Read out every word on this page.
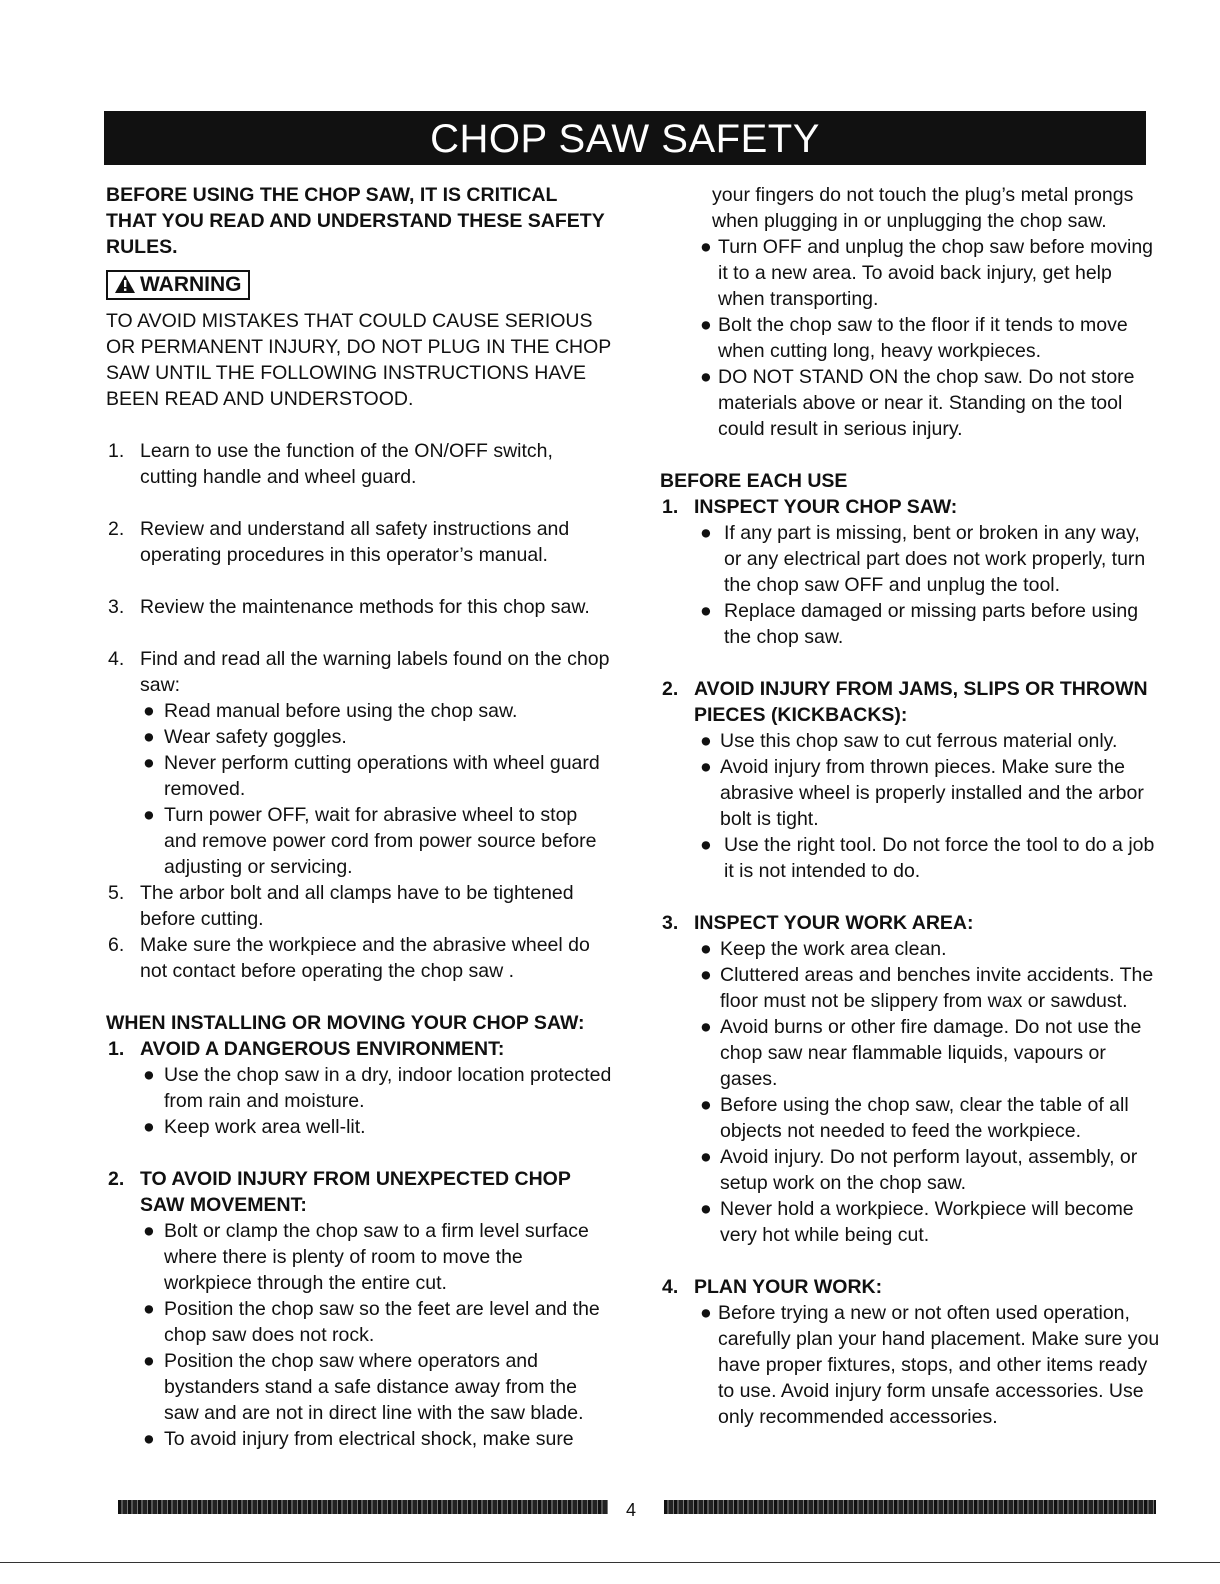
CHOP SAW SAFETY
BEFORE USING THE CHOP SAW, IT IS CRITICAL THAT YOU READ AND UNDERSTAND THESE SAFETY RULES.
WARNING
TO AVOID MISTAKES THAT COULD CAUSE SERIOUS OR PERMANENT INJURY, DO NOT PLUG IN THE CHOP SAW UNTIL THE FOLLOWING INSTRUCTIONS HAVE BEEN READ AND UNDERSTOOD.
1. Learn to use the function of the ON/OFF switch, cutting handle and wheel guard.
2. Review and understand all safety instructions and operating procedures in this operator’s manual.
3. Review the maintenance methods for this chop saw.
4. Find and read all the warning labels found on the chop saw:
● Read manual before using the chop saw.
● Wear safety goggles.
● Never perform cutting operations with wheel guard removed.
● Turn power OFF, wait for abrasive wheel to stop and remove power cord from power source before adjusting or servicing.
5. The arbor bolt and all clamps have to be tightened before cutting.
6. Make sure the workpiece and the abrasive wheel do not contact before operating the chop saw .
WHEN INSTALLING OR MOVING YOUR CHOP SAW:
1. AVOID A DANGEROUS ENVIRONMENT:
● Use the chop saw in a dry, indoor location protected from rain and moisture.
● Keep work area well-lit.
2. TO AVOID INJURY FROM UNEXPECTED CHOP SAW MOVEMENT:
● Bolt or clamp the chop saw to a firm level surface where there is plenty of room to move the workpiece through the entire cut.
● Position the chop saw so the feet are level and the chop saw does not rock.
● Position the chop saw where operators and bystanders stand a safe distance away from the saw and are not in direct line with the saw blade.
● To avoid injury from electrical shock, make sure
your fingers do not touch the plug’s metal prongs when plugging in or unplugging the chop saw.
● Turn OFF and unplug the chop saw before moving it to a new area. To avoid back injury, get help when transporting.
● Bolt the chop saw to the floor if it tends to move when cutting long, heavy workpieces.
● DO NOT STAND ON the chop saw. Do not store materials above or near it. Standing on the tool could result in serious injury.
BEFORE EACH USE
1. INSPECT YOUR CHOP SAW:
● If any part is missing, bent or broken in any way, or any electrical part does not work properly, turn the chop saw OFF and unplug the tool.
● Replace damaged or missing parts before using the chop saw.
2. AVOID INJURY FROM JAMS, SLIPS OR THROWN PIECES (KICKBACKS):
● Use this chop saw to cut ferrous material only.
● Avoid injury from thrown pieces. Make sure the abrasive wheel is properly installed and the arbor bolt is tight.
● Use the right tool. Do not force the tool to do a job it is not intended to do.
3. INSPECT YOUR WORK AREA:
● Keep the work area clean.
● Cluttered areas and benches invite accidents. The floor must not be slippery from wax or sawdust.
● Avoid burns or other fire damage. Do not use the chop saw near flammable liquids, vapours or gases.
● Before using the chop saw, clear the table of all objects not needed to feed the workpiece.
● Avoid injury. Do not perform layout, assembly, or setup work on the chop saw.
● Never hold a workpiece. Workpiece will become very hot while being cut.
4. PLAN YOUR WORK:
● Before trying a new or not often used operation, carefully plan your hand placement. Make sure you have proper fixtures, stops, and other items ready to use. Avoid injury form unsafe accessories. Use only recommended accessories.
4
